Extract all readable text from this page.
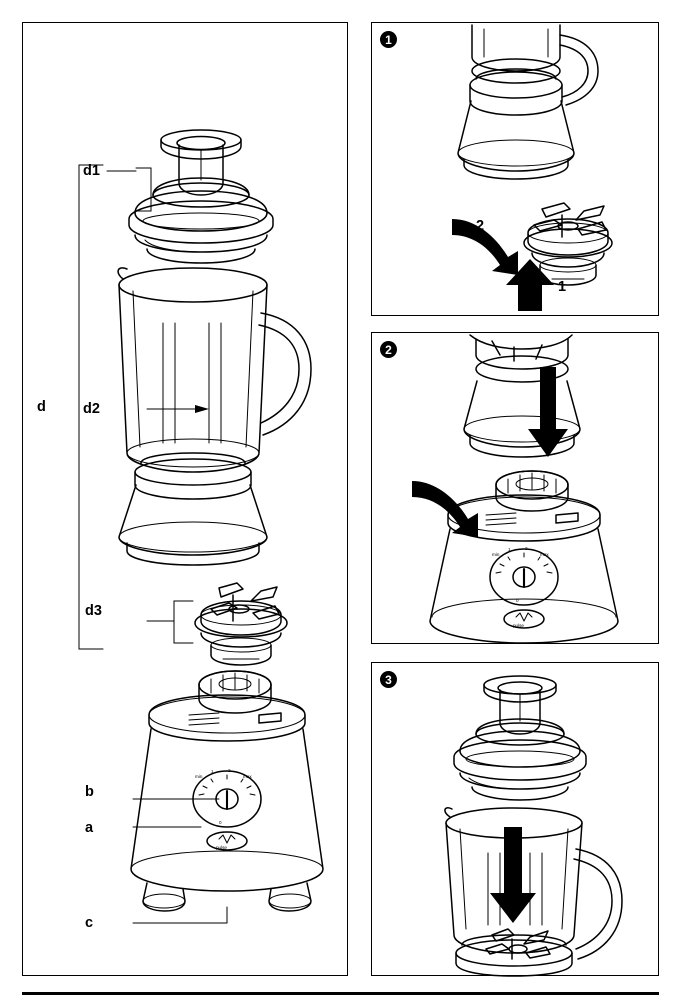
d
d1
d2
d3
b
a
c
min
1	2
max
0
pulse
1
2
1
2
min
1	2
max
0
pulse
3
